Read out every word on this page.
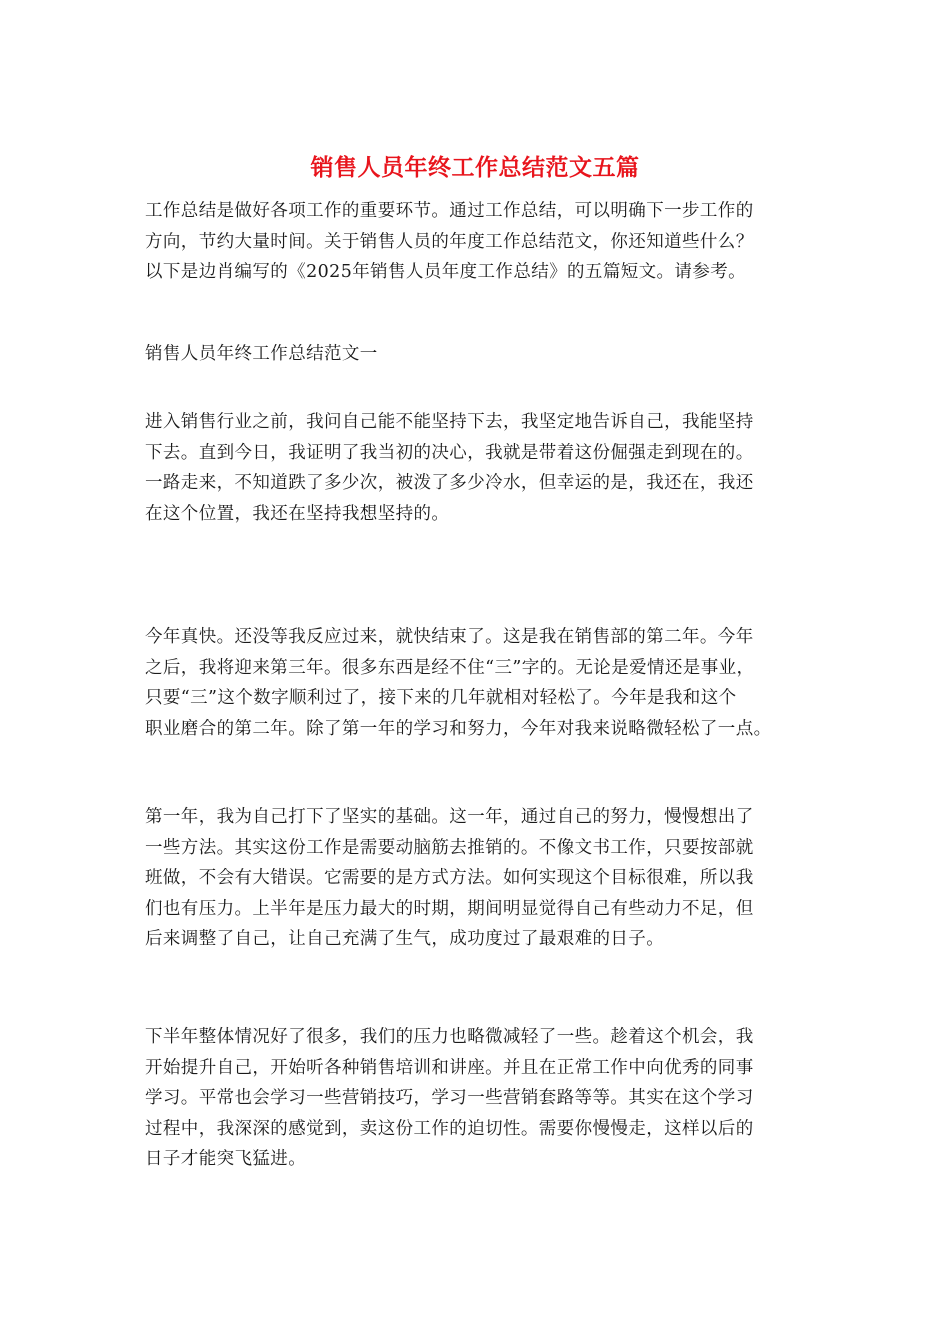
销售人员年终工作总结范文五篇
工作总结是做好各项工作的重要环节。通过工作总结，可以明确下一步工作的
方向，节约大量时间。关于销售人员的年度工作总结范文，你还知道些什么？
以下是边肖编写的《2025年销售人员年度工作总结》的五篇短文。请参考。
销售人员年终工作总结范文一
进入销售行业之前，我问自己能不能坚持下去，我坚定地告诉自己，我能坚持
下去。直到今日，我证明了我当初的决心，我就是带着这份倔强走到现在的。
一路走来，不知道跌了多少次，被泼了多少冷水，但幸运的是，我还在，我还
在这个位置，我还在坚持我想坚持的。
今年真快。还没等我反应过来，就快结束了。这是我在销售部的第二年。今年
之后，我将迎来第三年。很多东西是经不住“三”字的。无论是爱情还是事业，
只要“三”这个数字顺利过了，接下来的几年就相对轻松了。今年是我和这个
职业磨合的第二年。除了第一年的学习和努力，今年对我来说略微轻松了一点。
第一年，我为自己打下了坚实的基础。这一年，通过自己的努力，慢慢想出了
一些方法。其实这份工作是需要动脑筋去推销的。不像文书工作，只要按部就
班做，不会有大错误。它需要的是方式方法。如何实现这个目标很难，所以我
们也有压力。上半年是压力最大的时期，期间明显觉得自己有些动力不足，但
后来调整了自己，让自己充满了生气，成功度过了最艰难的日子。
下半年整体情况好了很多，我们的压力也略微减轻了一些。趁着这个机会，我
开始提升自己，开始听各种销售培训和讲座。并且在正常工作中向优秀的同事
学习。平常也会学习一些营销技巧，学习一些营销套路等等。其实在这个学习
过程中，我深深的感觉到，卖这份工作的迫切性。需要你慢慢走，这样以后的
日子才能突飞猛进。
